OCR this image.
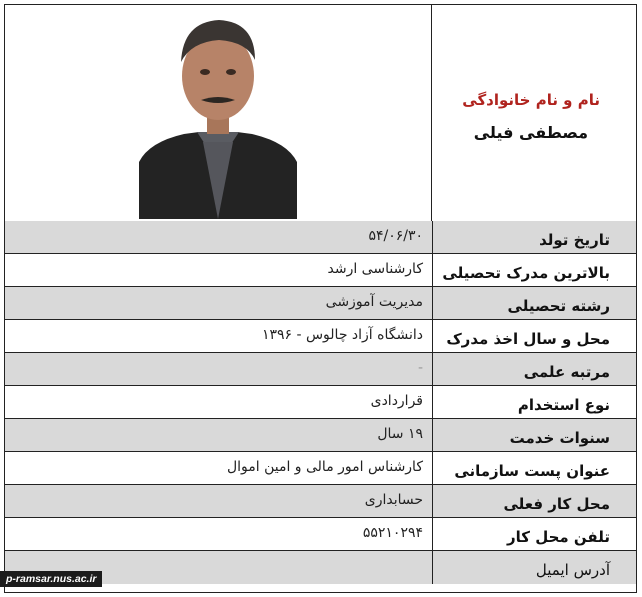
نام و نام خانوادگی
مصطفی فیلی
تاریخ تولد
۵۴/۰۶/۳۰
بالاترین مدرک تحصیلی
کارشناسی ارشد
رشته تحصیلی
مدیریت آموزشی
محل و سال اخذ مدرک
دانشگاه آزاد چالوس - ۱۳۹۶
مرتبه علمی
-
نوع استخدام
قراردادی
سنوات خدمت
۱۹ سال
عنوان پست سازمانی
کارشناس امور مالی و امین اموال
محل کار فعلی
حسابداری
تلفن محل کار
۵۵۲۱۰۲۹۴
آدرس ایمیل
p-ramsar.nus.ac.ir
